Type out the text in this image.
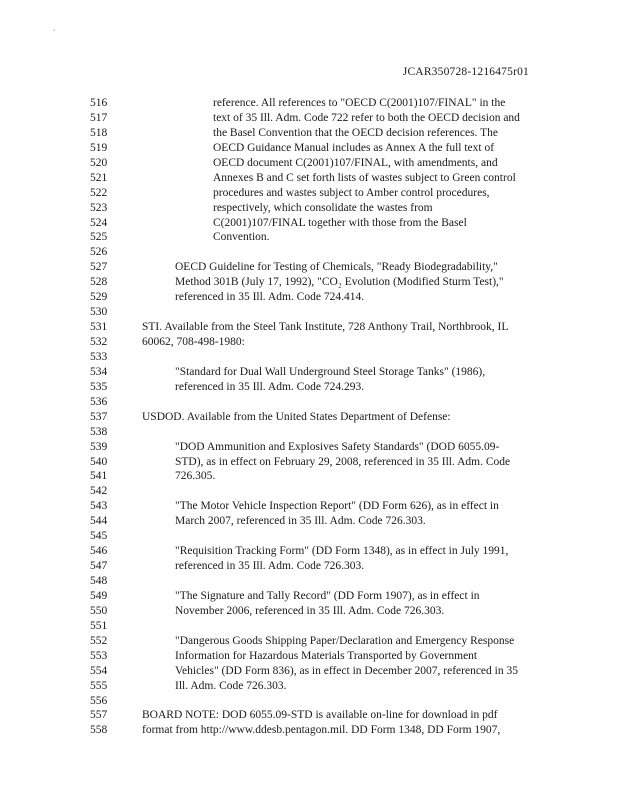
·
JCAR350728-1216475r01
516	reference. All references to "OECD C(2001)107/FINAL" in the
517	text of 35 Ill. Adm. Code 722 refer to both the OECD decision and
518	the Basel Convention that the OECD decision references. The
519	OECD Guidance Manual includes as Annex A the full text of
520	OECD document C(2001)107/FINAL, with amendments, and
521	Annexes B and C set forth lists of wastes subject to Green control
522	procedures and wastes subject to Amber control procedures,
523	respectively, which consolidate the wastes from
524	C(2001)107/FINAL together with those from the Basel
525	Convention.
526
527	OECD Guideline for Testing of Chemicals, "Ready Biodegradability,"
528	Method 301B (July 17, 1992), "CO₂ Evolution (Modified Sturm Test),"
529	referenced in 35 Ill. Adm. Code 724.414.
530
531	STI. Available from the Steel Tank Institute, 728 Anthony Trail, Northbrook, IL
532	60062, 708-498-1980:
533
534	"Standard for Dual Wall Underground Steel Storage Tanks" (1986),
535	referenced in 35 Ill. Adm. Code 724.293.
536
537	USDOD. Available from the United States Department of Defense:
538
539	"DOD Ammunition and Explosives Safety Standards" (DOD 6055.09-
540	STD), as in effect on February 29, 2008, referenced in 35 Ill. Adm. Code
541	726.305.
542
543	"The Motor Vehicle Inspection Report" (DD Form 626), as in effect in
544	March 2007, referenced in 35 Ill. Adm. Code 726.303.
545
546	"Requisition Tracking Form" (DD Form 1348), as in effect in July 1991,
547	referenced in 35 Ill. Adm. Code 726.303.
548
549	"The Signature and Tally Record" (DD Form 1907), as in effect in
550	November 2006, referenced in 35 Ill. Adm. Code 726.303.
551
552	"Dangerous Goods Shipping Paper/Declaration and Emergency Response
553	Information for Hazardous Materials Transported by Government
554	Vehicles" (DD Form 836), as in effect in December 2007, referenced in 35
555	Ill. Adm. Code 726.303.
556
557	BOARD NOTE: DOD 6055.09-STD is available on-line for download in pdf
558	format from http://www.ddesb.pentagon.mil. DD Form 1348, DD Form 1907,
